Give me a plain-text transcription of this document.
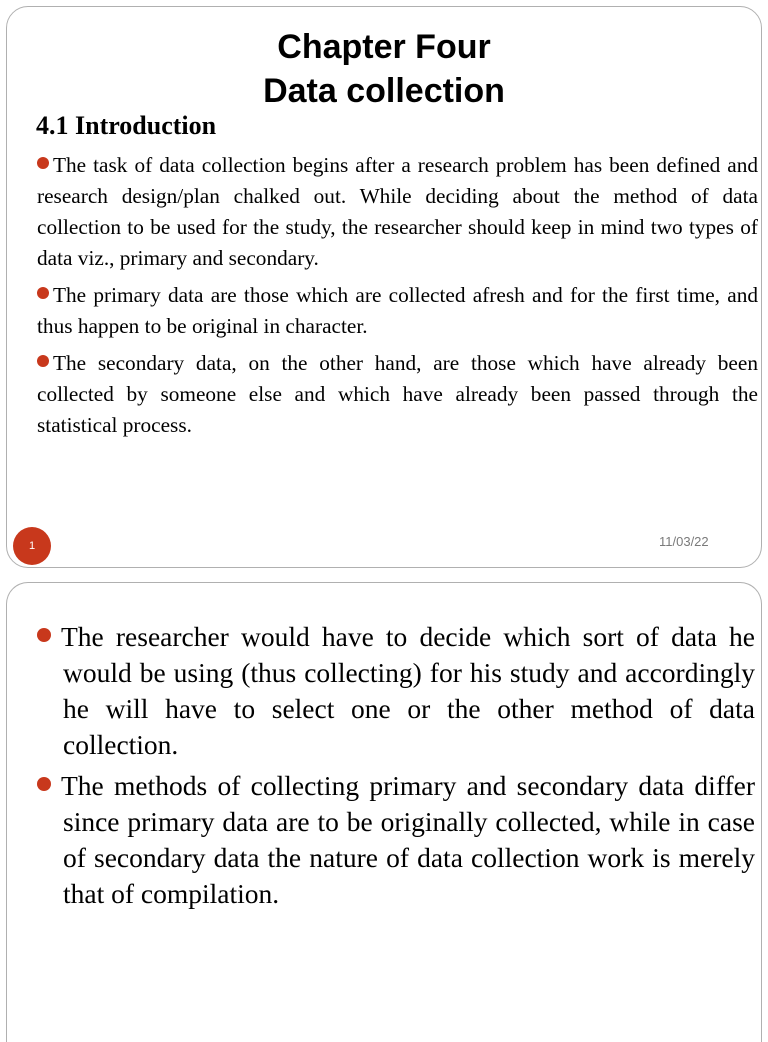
Chapter Four
Data collection
4.1 Introduction

The task of data collection begins after a research problem has been defined and research design/plan chalked out. While deciding about the method of data collection to be used for the study, the researcher should keep in mind two types of data viz., primary and secondary.

The primary data are those which are collected afresh and for the first time, and thus happen to be original in character.

The secondary data, on the other hand, are those which have already been collected by someone else and which have already been passed through the statistical process.

1	11/03/22

The researcher would have to decide which sort of data he would be using (thus collecting) for his study and accordingly he will have to select one or the other method of data collection.

The methods of collecting primary and secondary data differ since primary data are to be originally collected, while in case of secondary data the nature of data collection work is merely that of compilation.
